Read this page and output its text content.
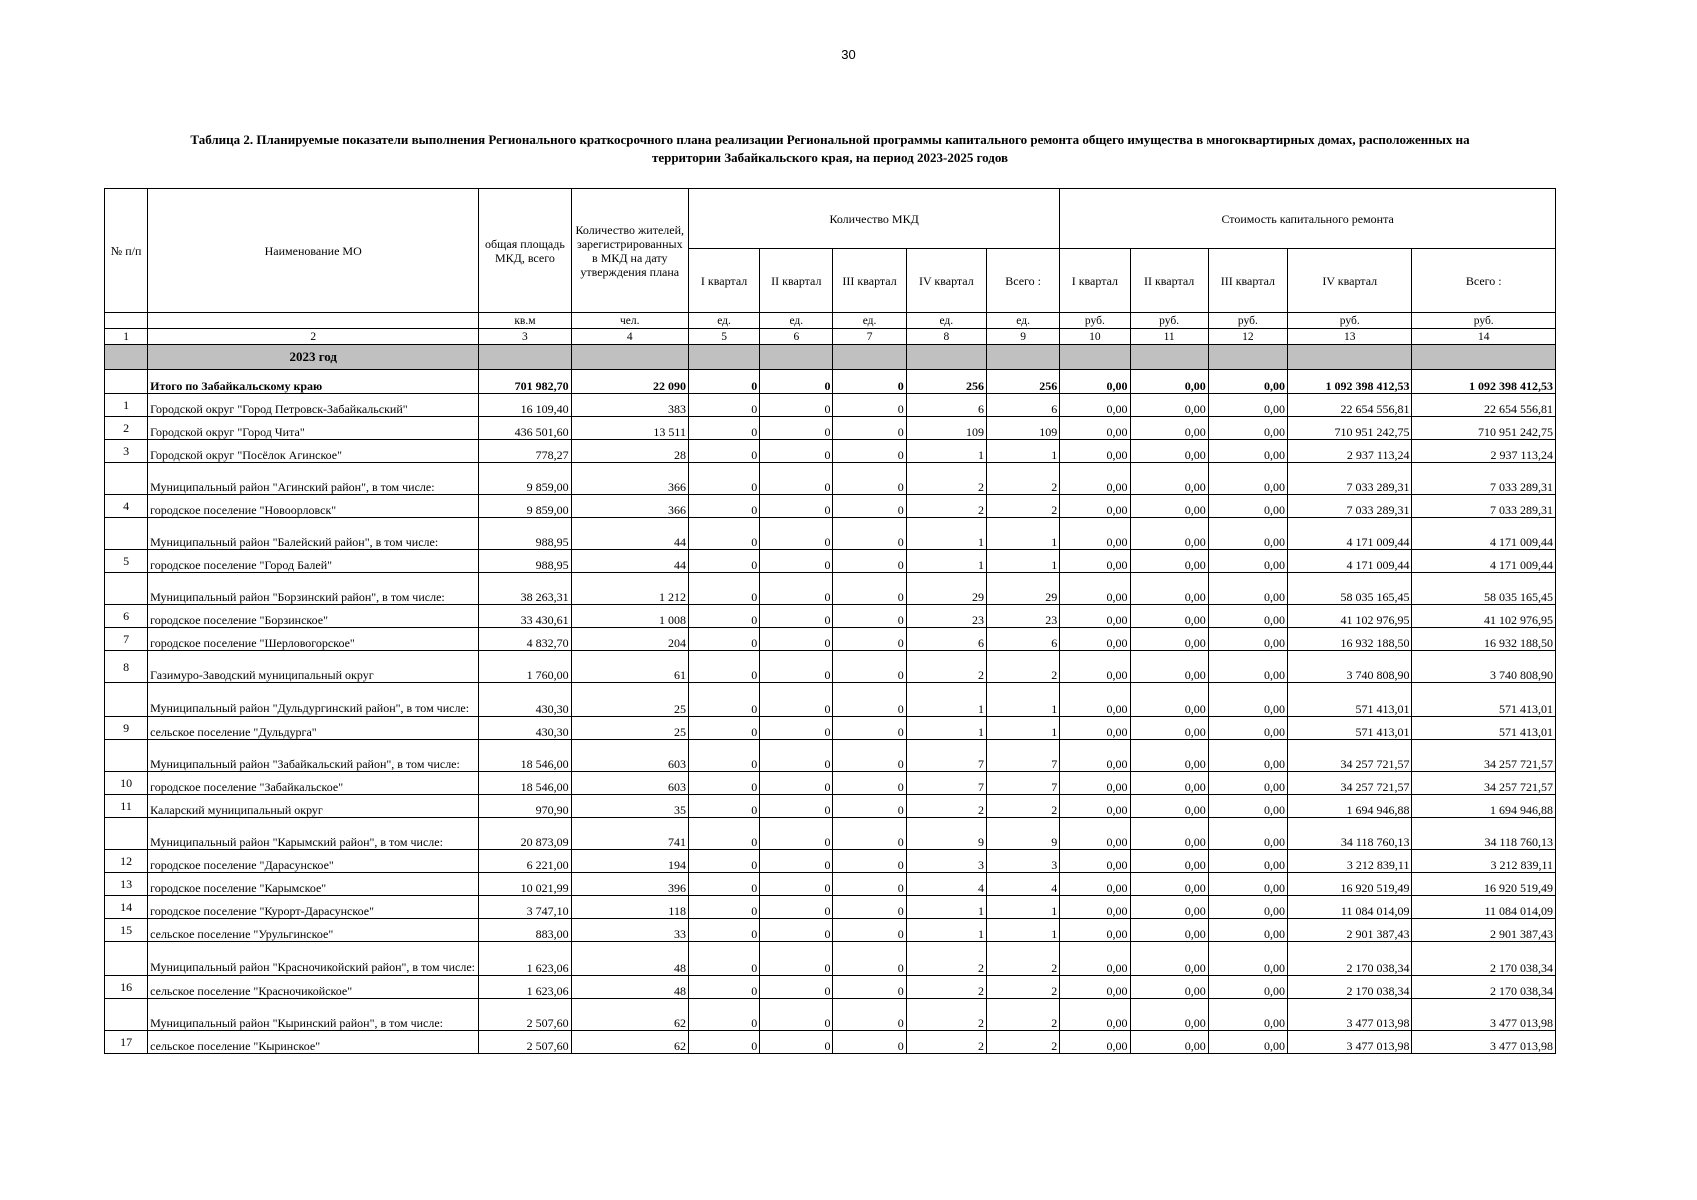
30
Таблица 2. Планируемые показатели выполнения Регионального краткосрочного плана реализации Региональной программы капитального ремонта общего имущества в многоквартирных домах, расположенных на
территории Забайкальского края, на период 2023-2025 годов
№ п/п	Наименование МО	общая площадь МКД, всего	Количество жителей, зарегистрированных в МКД на дату утверждения плана	Количество МКД					Стоимость капитального ремонта				
				I квартал	II квартал	III квартал	IV квартал	Всего :	I квартал	II квартал	III квартал	IV квартал	Всего :
		кв.м	чел.	ед.	ед.	ед.	ед.	ед.	руб.	руб.	руб.	руб.	руб.
1	2	3	4	5	6	7	8	9	10	11	12	13	14
	2023 год												
	Итого по Забайкальскому краю	701 982,70	22 090	0	0	0	256	256	0,00	0,00	0,00	1 092 398 412,53	1 092 398 412,53
1	Городской округ "Город Петровск-Забайкальский"	16 109,40	383	0	0	0	6	6	0,00	0,00	0,00	22 654 556,81	22 654 556,81
2	Городской округ "Город Чита"	436 501,60	13 511	0	0	0	109	109	0,00	0,00	0,00	710 951 242,75	710 951 242,75
3	Городской округ "Посёлок Агинское"	778,27	28	0	0	0	1	1	0,00	0,00	0,00	2 937 113,24	2 937 113,24
	Муниципальный район "Агинский район", в том числе:	9 859,00	366	0	0	0	2	2	0,00	0,00	0,00	7 033 289,31	7 033 289,31
4	городское поселение "Новоорловск"	9 859,00	366	0	0	0	2	2	0,00	0,00	0,00	7 033 289,31	7 033 289,31
	Муниципальный район "Балейский район", в том числе:	988,95	44	0	0	0	1	1	0,00	0,00	0,00	4 171 009,44	4 171 009,44
5	городское поселение "Город Балей"	988,95	44	0	0	0	1	1	0,00	0,00	0,00	4 171 009,44	4 171 009,44
	Муниципальный район "Борзинский район", в том числе:	38 263,31	1 212	0	0	0	29	29	0,00	0,00	0,00	58 035 165,45	58 035 165,45
6	городское поселение "Борзинское"	33 430,61	1 008	0	0	0	23	23	0,00	0,00	0,00	41 102 976,95	41 102 976,95
7	городское поселение "Шерловогорское"	4 832,70	204	0	0	0	6	6	0,00	0,00	0,00	16 932 188,50	16 932 188,50
8	Газимуро-Заводский муниципальный округ	1 760,00	61	0	0	0	2	2	0,00	0,00	0,00	3 740 808,90	3 740 808,90
	Муниципальный район "Дульдургинский район", в том числе:	430,30	25	0	0	0	1	1	0,00	0,00	0,00	571 413,01	571 413,01
9	сельское поселение "Дульдурга"	430,30	25	0	0	0	1	1	0,00	0,00	0,00	571 413,01	571 413,01
	Муниципальный район "Забайкальский район", в том числе:	18 546,00	603	0	0	0	7	7	0,00	0,00	0,00	34 257 721,57	34 257 721,57
10	городское поселение "Забайкальское"	18 546,00	603	0	0	0	7	7	0,00	0,00	0,00	34 257 721,57	34 257 721,57
11	Каларский муниципальный округ	970,90	35	0	0	0	2	2	0,00	0,00	0,00	1 694 946,88	1 694 946,88
	Муниципальный район "Карымский район", в том числе:	20 873,09	741	0	0	0	9	9	0,00	0,00	0,00	34 118 760,13	34 118 760,13
12	городское поселение "Дарасунское"	6 221,00	194	0	0	0	3	3	0,00	0,00	0,00	3 212 839,11	3 212 839,11
13	городское поселение "Карымское"	10 021,99	396	0	0	0	4	4	0,00	0,00	0,00	16 920 519,49	16 920 519,49
14	городское поселение "Курорт-Дарасунское"	3 747,10	118	0	0	0	1	1	0,00	0,00	0,00	11 084 014,09	11 084 014,09
15	сельское поселение "Урульгинское"	883,00	33	0	0	0	1	1	0,00	0,00	0,00	2 901 387,43	2 901 387,43
	Муниципальный район "Красночикойский район", в том числе:	1 623,06	48	0	0	0	2	2	0,00	0,00	0,00	2 170 038,34	2 170 038,34
16	сельское поселение "Красночикойское"	1 623,06	48	0	0	0	2	2	0,00	0,00	0,00	2 170 038,34	2 170 038,34
	Муниципальный район "Кыринский район", в том числе:	2 507,60	62	0	0	0	2	2	0,00	0,00	0,00	3 477 013,98	3 477 013,98
17	сельское поселение "Кыринское"	2 507,60	62	0	0	0	2	2	0,00	0,00	0,00	3 477 013,98	3 477 013,98
